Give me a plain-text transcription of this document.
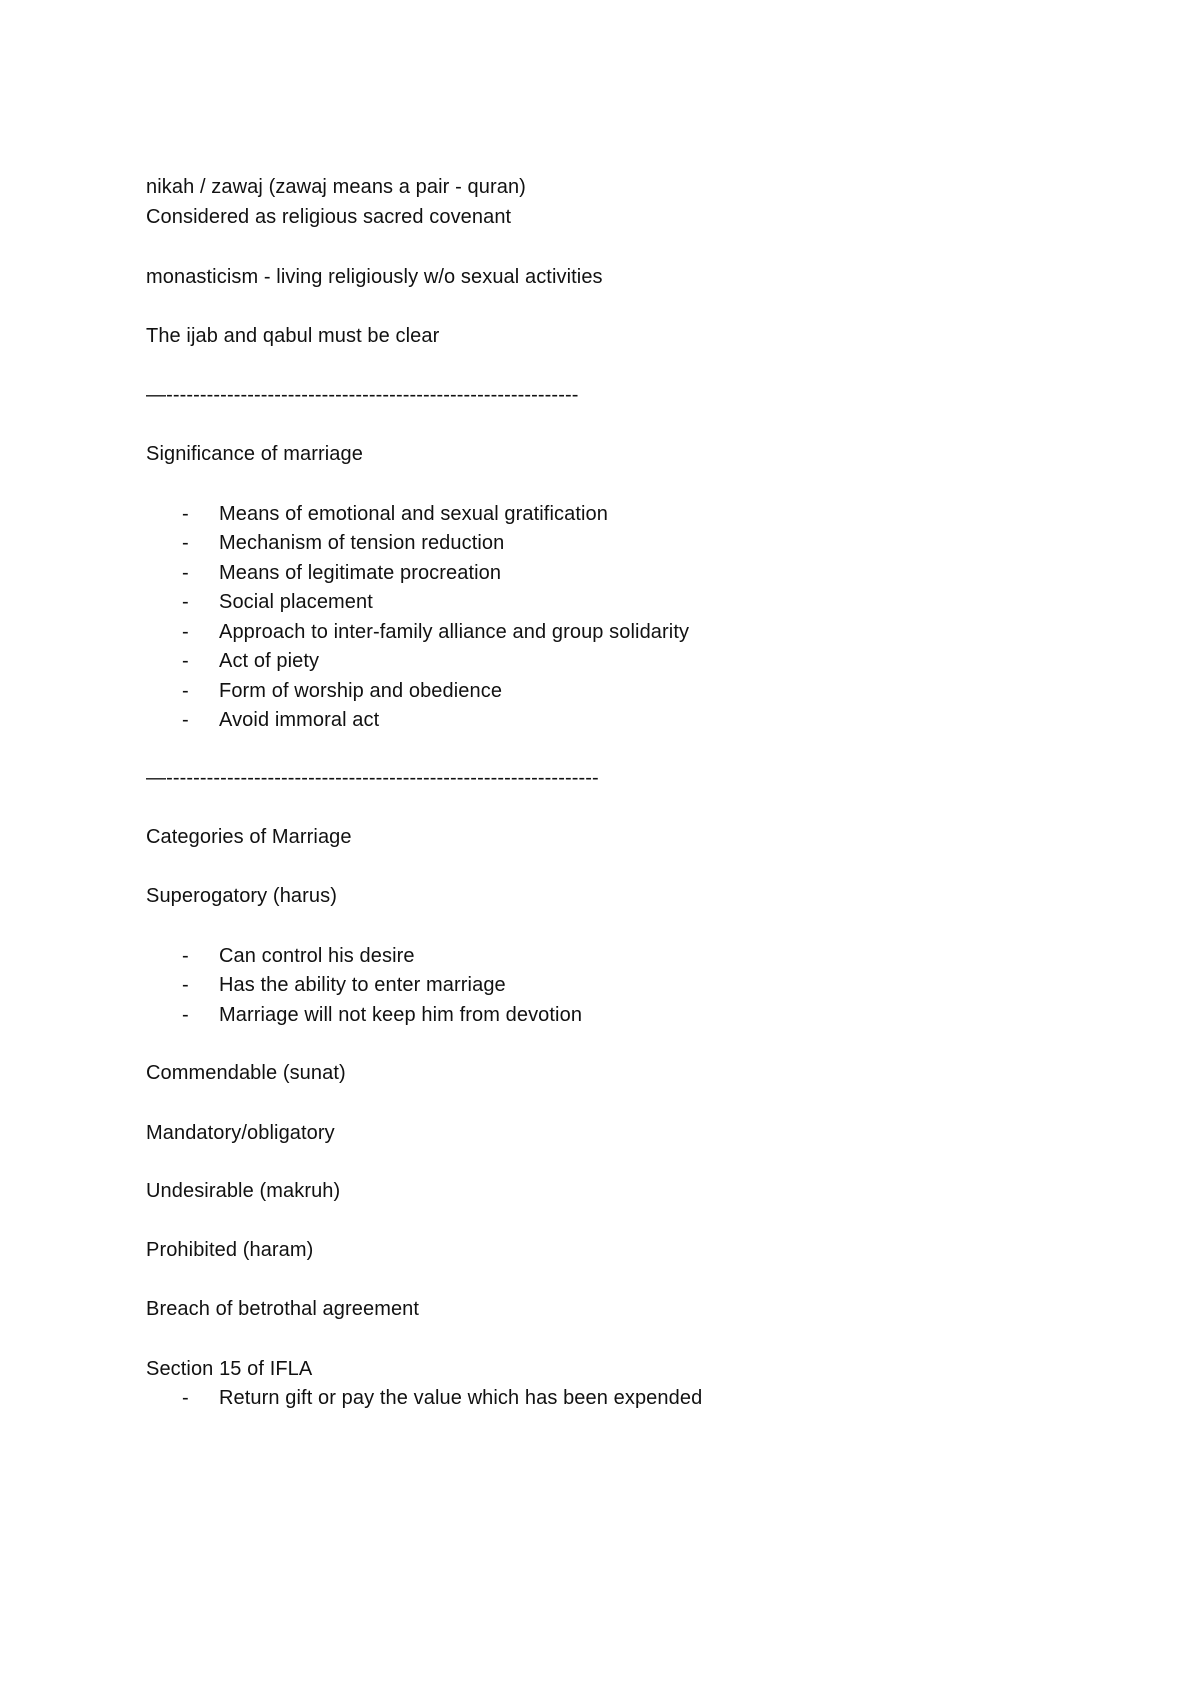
nikah / zawaj (zawaj means a pair - quran)
Considered as religious sacred covenant
monasticism - living religiously w/o sexual activities
The ijab and qabul must be clear
—-------------------------------------------------------------
Significance of marriage
- Means of emotional and sexual gratification
- Mechanism of tension reduction
- Means of legitimate procreation
- Social placement
- Approach to inter-family alliance and group solidarity
- Act of piety
- Form of worship and obedience
- Avoid immoral act
—----------------------------------------------------------------
Categories of Marriage
Superogatory (harus)
- Can control his desire
- Has the ability to enter marriage
- Marriage will not keep him from devotion
Commendable (sunat)
Mandatory/obligatory
Undesirable (makruh)
Prohibited (haram)
Breach of betrothal agreement
Section 15 of IFLA
- Return gift or pay the value which has been expended
